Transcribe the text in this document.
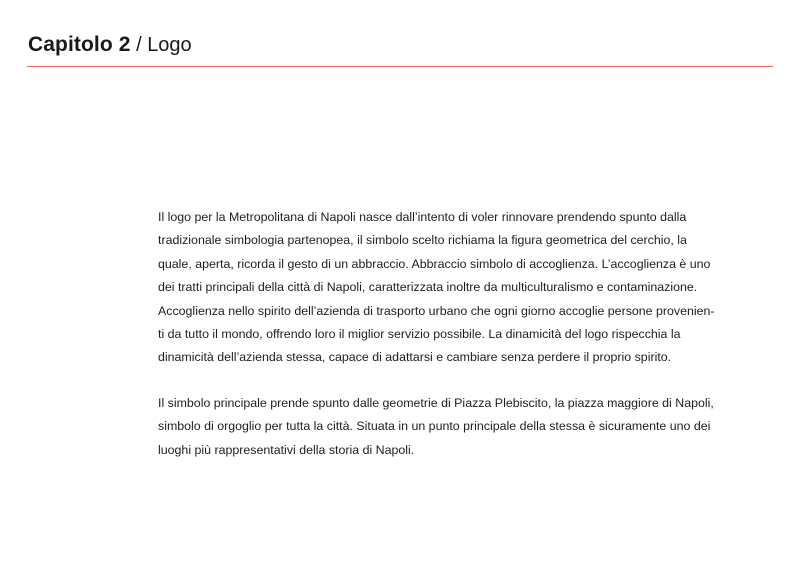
Capitolo 2 / Logo

Il logo per la Metropolitana di Napoli nasce dall’intento di voler rinnovare prendendo spunto dalla
tradizionale simbologia partenopea, il simbolo scelto richiama la figura geometrica del cerchio, la
quale, aperta, ricorda il gesto di un abbraccio. Abbraccio simbolo di accoglienza. L’accoglienza è uno
dei tratti principali della città di Napoli, caratterizzata inoltre da multiculturalismo e contaminazione.
Accoglienza nello spirito dell’azienda di trasporto urbano che ogni giorno accoglie persone provenien-
ti da tutto il mondo, offrendo loro il miglior servizio possibile. La dinamicità del logo rispecchia la
dinamicità dell’azienda stessa, capace di adattarsi e cambiare senza perdere il proprio spirito.

Il simbolo principale prende spunto dalle geometrie di Piazza Plebiscito, la piazza maggiore di Napoli,
simbolo di orgoglio per tutta la città. Situata in un punto principale della stessa è sicuramente uno dei
luoghi più rappresentativi della storia di Napoli.
